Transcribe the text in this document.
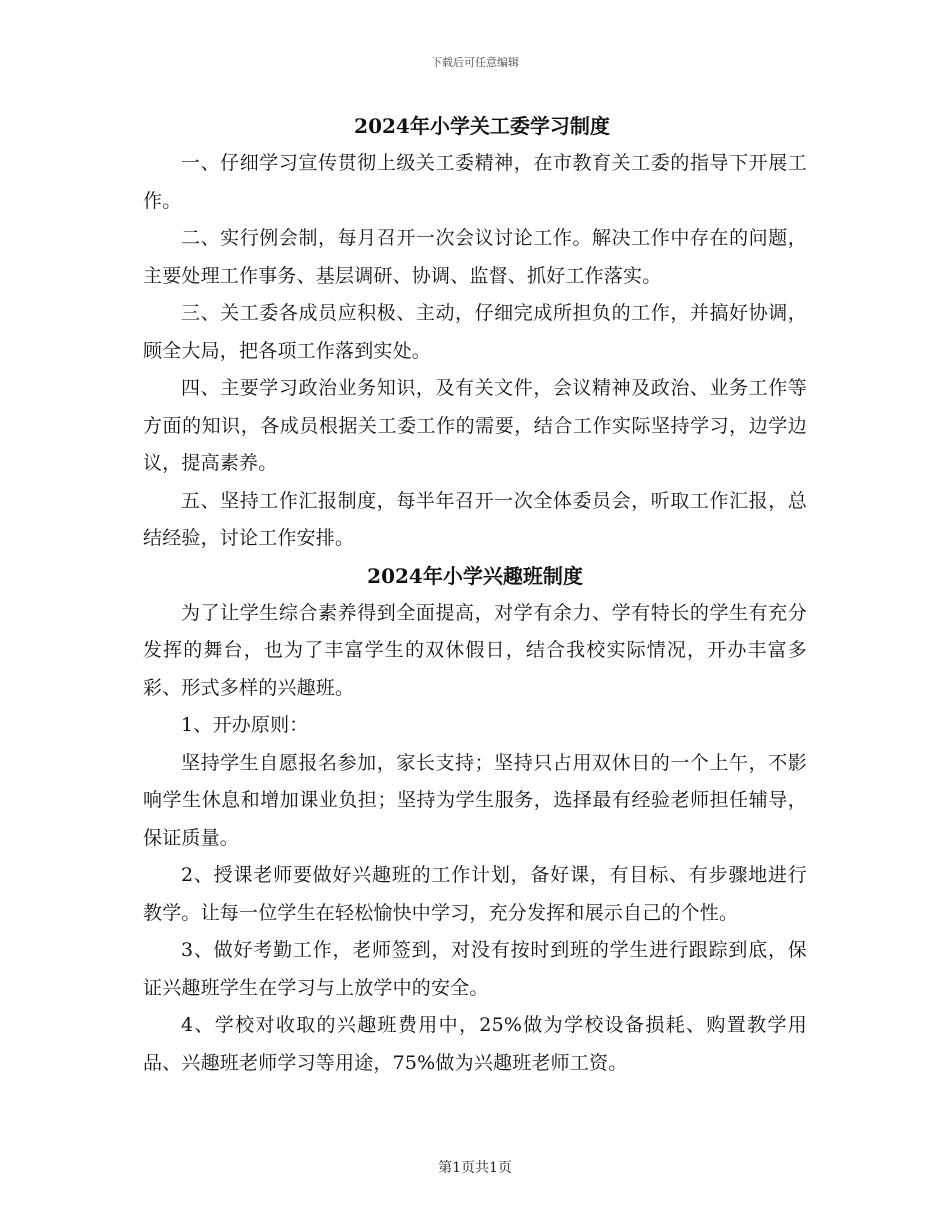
下载后可任意编辑
2024年小学关工委学习制度

一、仔细学习宣传贯彻上级关工委精神，在市教育关工委的指导下开展工作。

二、实行例会制，每月召开一次会议讨论工作。解决工作中存在的问题，主要处理工作事务、基层调研、协调、监督、抓好工作落实。

三、关工委各成员应积极、主动，仔细完成所担负的工作，并搞好协调，顾全大局，把各项工作落到实处。

四、主要学习政治业务知识，及有关文件，会议精神及政治、业务工作等方面的知识，各成员根据关工委工作的需要，结合工作实际坚持学习，边学边议，提高素养。

五、坚持工作汇报制度，每半年召开一次全体委员会，听取工作汇报，总结经验，讨论工作安排。

2024年小学兴趣班制度

为了让学生综合素养得到全面提高，对学有余力、学有特长的学生有充分发挥的舞台，也为了丰富学生的双休假日，结合我校实际情况，开办丰富多彩、形式多样的兴趣班。

1、开办原则：

坚持学生自愿报名参加，家长支持；坚持只占用双休日的一个上午，不影响学生休息和增加课业负担；坚持为学生服务，选择最有经验老师担任辅导，保证质量。

2、授课老师要做好兴趣班的工作计划，备好课，有目标、有步骤地进行教学。让每一位学生在轻松愉快中学习，充分发挥和展示自己的个性。

3、做好考勤工作，老师签到，对没有按时到班的学生进行跟踪到底，保证兴趣班学生在学习与上放学中的安全。

4、学校对收取的兴趣班费用中，25%做为学校设备损耗、购置教学用品、兴趣班老师学习等用途，75%做为兴趣班老师工资。

第1页共1页
